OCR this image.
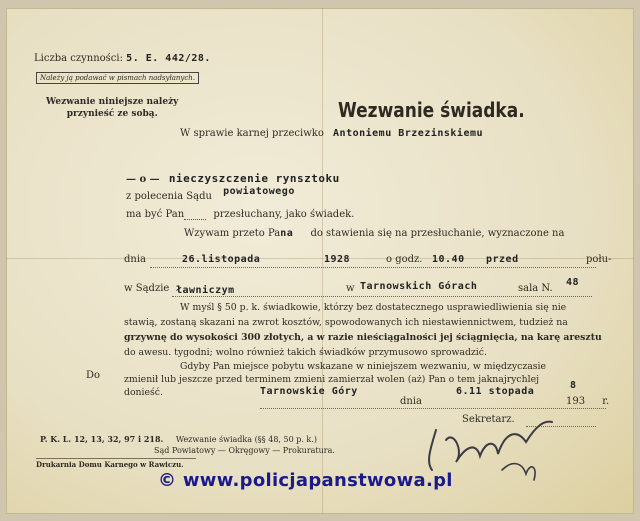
Liczba czynności: 5. E. 442/28.
Należy ją podawać w pismach nadsyłanych.
Wezwanie niniejsze należy
przynieść ze sobą.	Wezwanie świadka.
W sprawie karnej przeciwko Antoniemu Brzezinskiemu
— o — nieczyszczenie rynsztoku
z polecenia Sądu powiatowego
ma być Pan	przesłuchany, jako świadek.
Wzywam przeto Pana do stawienia się na przesłuchanie, wyznaczone na
dnia	26.listopada	1928	o godz. 10.40 przed	połu-
w Sądzie ławniczym	w Tarnowskich Górach	sala N.
48
W myśl § 50 p. k. świadkowie, którzy bez dostatecznego usprawiedliwienia się nie
stawią, zostaną skazani na zwrot kosztów, spowodowanych ich niestawiennictwem, tudzież na
grzywnę do wysokości 300 złotych, a w razie nieściągalności jej ściągnięcia, na karę aresztu
do awesu. tygodni; wolno również takich świadków przymusowo sprowadzić.
Gdyby Pan miejsce pobytu wskazane w niniejszem wezwaniu, w międzyczasie
zmienił lub jeszcze przed terminem zmieni zamierzał wolen (aż) Pan o tem jaknajrychlej
donieść.
Do
Tarnowskie Góry	6.11 stopada
8
dnia	193 r.
Sekretarz.
P. K. L. 12, 13, 32, 97 i 218. Wezwanie świadka (§§ 48, 50 p. k.)
Sąd Powiatowy — Okręgowy — Prokuratura.
Drukarnia Domu Karnego w Rawiczu.
© www.policjapanstwowa.pl
